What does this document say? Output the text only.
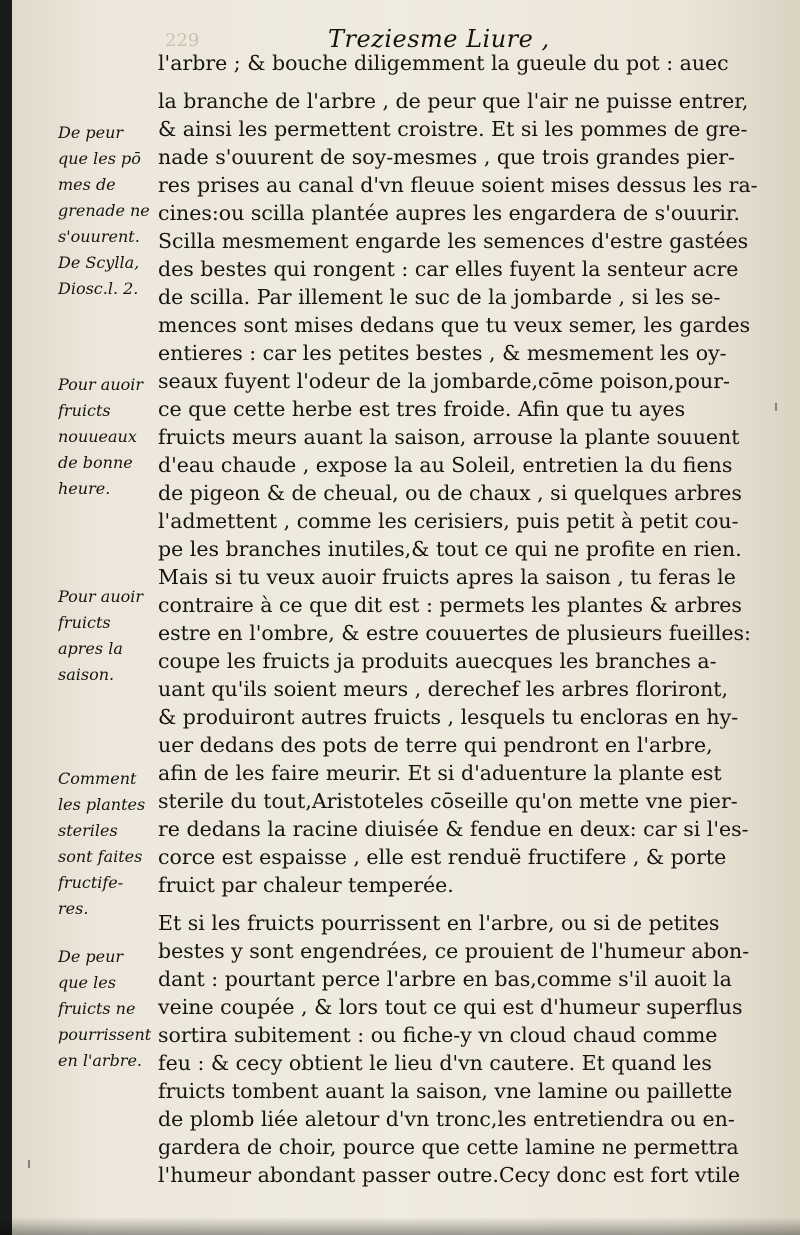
229	Treziesme Liure ,
l'arbre ; & bouche diligemment la gueule du pot : auec
la branche de l'arbre , de peur que l'air ne puisse entrer,
& ainsi les permettent croistre. Et si les pommes de gre-
nade s'ouurent de soy-mesmes , que trois grandes pier-
res prises au canal d'vn fleuue soient mises dessus les ra-
cines:ou scilla plantée aupres les engardera de s'ouurir.
Scilla mesmement engarde les semences d'estre gastées
des bestes qui rongent : car elles fuyent la senteur acre
de scilla. Par illement le suc de la jombarde , si les se-
mences sont mises dedans que tu veux semer, les gardes
entieres : car les petites bestes , & mesmement les oy-
seaux fuyent l'odeur de la jombarde,cōme poison,pour-
ce que cette herbe est tres froide. Afin que tu ayes
fruicts meurs auant la saison, arrouse la plante souuent
d'eau chaude , expose la au Soleil, entretien la du fiens
de pigeon & de cheual, ou de chaux , si quelques arbres
l'admettent , comme les cerisiers, puis petit à petit cou-
pe les branches inutiles,& tout ce qui ne profite en rien.
Mais si tu veux auoir fruicts apres la saison , tu feras le
contraire à ce que dit est : permets les plantes & arbres
estre en l'ombre, & estre couuertes de plusieurs fueilles:
coupe les fruicts ja produits auecques les branches a-
uant qu'ils soient meurs , derechef les arbres floriront,
& produiront autres fruicts , lesquels tu encloras en hy-
uer dedans des pots de terre qui pendront en l'arbre,
afin de les faire meurir. Et si d'aduenture la plante est
sterile du tout,Aristoteles cōseille qu'on mette vne pier-
re dedans la racine diuisée & fendue en deux: car si l'es-
corce est espaisse , elle est renduë fructifere , & porte
fruict par chaleur temperée.
Et si les fruicts pourrissent en l'arbre, ou si de petites
bestes y sont engendrées, ce prouient de l'humeur abon-
dant : pourtant perce l'arbre en bas,comme s'il auoit la
veine coupée , & lors tout ce qui est d'humeur superflus
sortira subitement : ou fiche-y vn cloud chaud comme
feu : & cecy obtient le lieu d'vn cautere. Et quand les
fruicts tombent auant la saison, vne lamine ou paillette
de plomb liée aletour d'vn tronc,les entretiendra ou en-
gardera de choir, pource que cette lamine ne permettra
l'humeur abondant passer outre.Cecy donc est fort vtile
De peur
que les pō
mes de
grenade ne
s'ouurent.
De Scylla,
Diosc.l. 2.
Pour auoir
fruicts
nouueaux
de bonne
heure.
Pour auoir
fruicts
apres la
saison.
Comment
les plantes
steriles
sont faites
fructife-
res.
De peur
que les
fruicts ne
pourrissent
en l'arbre.
